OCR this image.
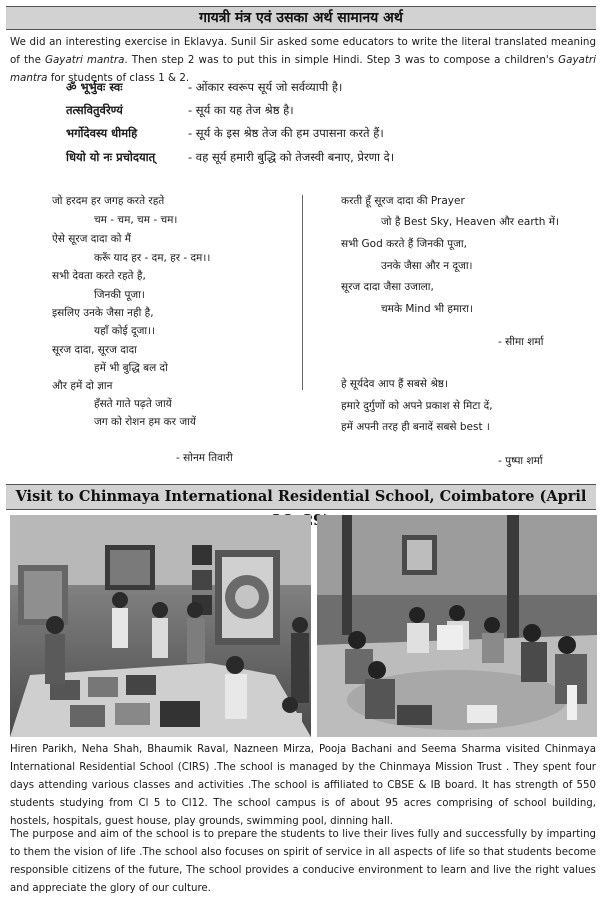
गायत्री मंत्र एवं उसका अर्थ सामानय अर्थ
We did an interesting exercise in Eklavya. Sunil Sir asked some educators to write the literal translated meaning of the Gayatri mantra. Then step 2 was to put this in simple Hindi. Step 3 was to compose a children's Gayatri mantra for students of class 1 & 2.
ॐ भूर्भुवः स्वः	- ओंकार स्वरूप सूर्य जो सर्वव्यापी है।
तत्सवितुर्वरेण्यं	- सूर्य का यह तेज श्रेष्ठ है।
भर्गोदेवस्य धीमहि	- सूर्य के इस श्रेष्ठ तेज की हम उपासना करते हैं।
धियो यो नः प्रचोदयात्	- वह सूर्य हमारी बुद्धि को तेजस्वी बनाए, प्रेरणा दे।
जो हरदम हर जगह करते रहते
चम - चम, चम - चम।
ऐसे सूरज दादा को मैं
करूँ याद हर - दम, हर - दम।।
सभी देवता करते रहते है,
जिनकी पूजा।
इसलिए उनके जैसा नही है,
यहाँ कोई दूजा।।
सूरज दादा, सूरज दादा
हमें भी बुद्धि बल दो
और हमें दो ज्ञान
हँसते गाते पढ़ते जायें
जग को रोशन हम कर जायें
- सोनम तिवारी
करती हूँ सूरज दादा की Prayer
जो है Best Sky, Heaven और earth में।
सभी God करते हैं जिनकी पूजा,
उनके जैसा और न दूजा।
सूरज दादा जैसा उजाला,
चमके Mind भी हमारा।
- सीमा शर्मा
हे सूर्यदेव आप हैं सबसे श्रेष्ठ।
हमारे दुर्गुणों को अपने प्रकाश से मिटा दें,
हमें अपनी तरह ही बनादें सबसे best ।
- पुष्पा शर्मा
Visit to Chinmaya International Residential School, Coimbatore (April -29)
Hiren Parikh, Neha Shah, Bhaumik Raval, Nazneen Mirza, Pooja Bachani and Seema Sharma visited Chinmaya International Residential School (CIRS) .The school is managed by the Chinmaya Mission Trust . They spent four days attending various classes and activities .The school is affiliated to CBSE & IB board. It has strength of 550 students studying from Cl 5 to Cl12. The school campus is of about 95 acres comprising of school building, hostels, hospitals, guest house, play grounds, swimming pool, dinning hall.
The purpose and aim of the school is to prepare the students to live their lives fully and successfully by imparting to them the vision of life .The school also focuses on spirit of service in all aspects of life so that students become responsible citizens of the future, The school provides a conducive environment to learn and live the right values and appreciate the glory of our culture.
